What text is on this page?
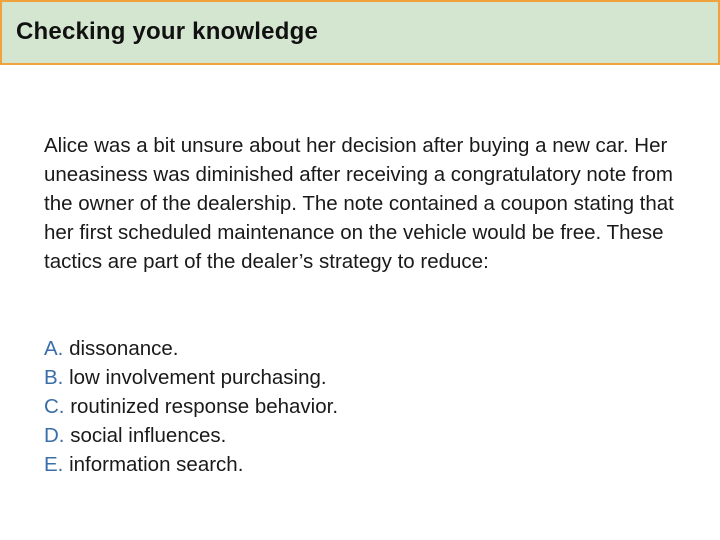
Checking your knowledge
Alice was a bit unsure about her decision after buying a new car. Her uneasiness was diminished after receiving a congratulatory note from the owner of the dealership. The note contained a coupon stating that her first scheduled maintenance on the vehicle would be free. These tactics are part of the dealer’s strategy to reduce:
A. dissonance.
B. low involvement purchasing.
C. routinized response behavior.
D. social influences.
E. information search.
